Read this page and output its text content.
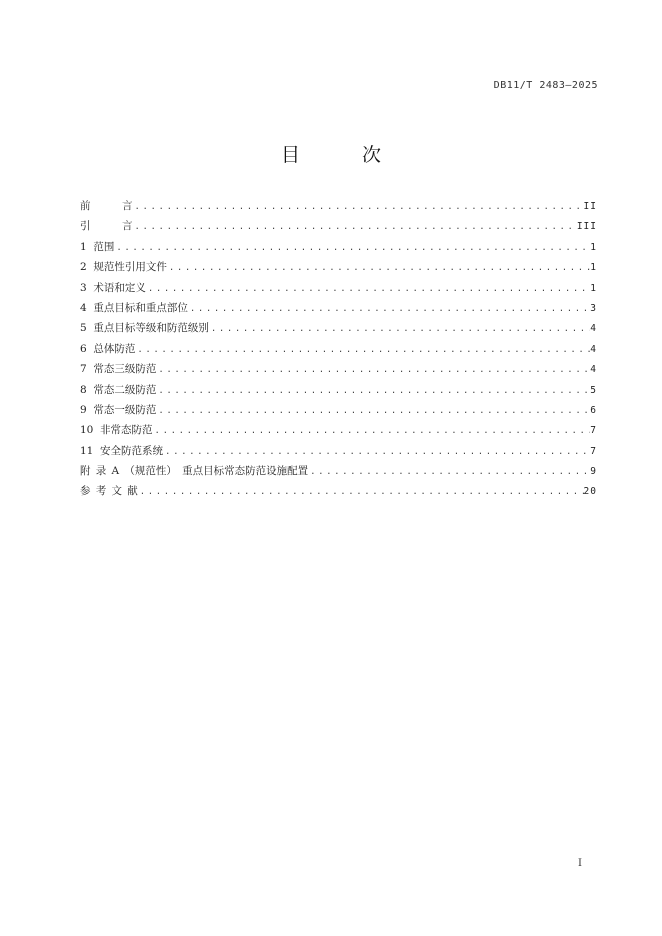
DB11/T 2483—2025
目 次
前　　　言 .....	II
引　　　言 .....	III
1  范围 .....	1
2  规范性引用文件 .....	1
3  术语和定义 .....	1
4  重点目标和重点部位 .....	3
5  重点目标等级和防范级别 .....	4
6  总体防范 .....	4
7  常态三级防范 .....	4
8  常态二级防范 .....	5
9  常态一级防范 .....	6
10  非常态防范 .....	7
11  安全防范系统 .....	7
附 录 A （规范性） 重点目标常态防范设施配置 .....	9
参 考 文 献 .....	20
I
